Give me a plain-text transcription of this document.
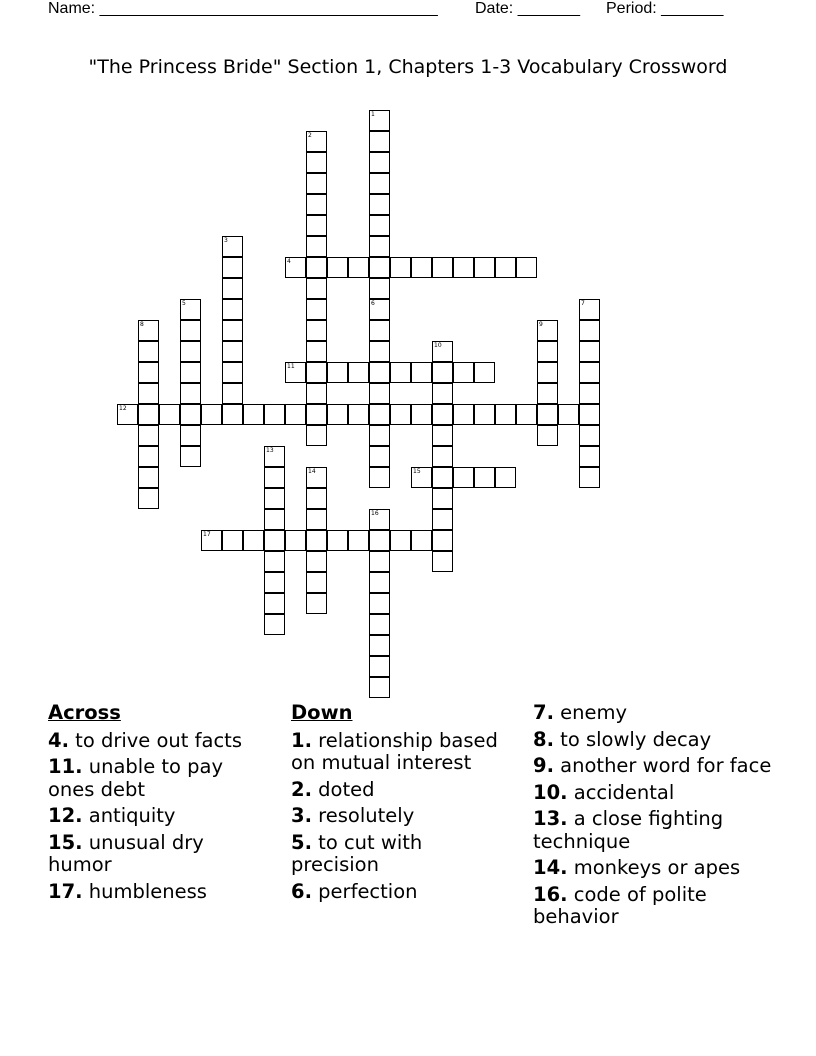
Name: ______________________________________ Date: _______ Period: _______
"The Princess Bride" Section 1, Chapters 1-3 Vocabulary Crossword
1
6
2
3
4
5	7
8	9
10
11
12
13
14	15
16
17
Across
4. to drive out facts
11. unable to pay ones debt
12. antiquity
15. unusual dry humor
17. humbleness
Down
1. relationship based on mutual interest
2. doted
3. resolutely
5. to cut with precision
6. perfection
7. enemy
8. to slowly decay
9. another word for face
10. accidental
13. a close fighting technique
14. monkeys or apes
16. code of polite behavior
